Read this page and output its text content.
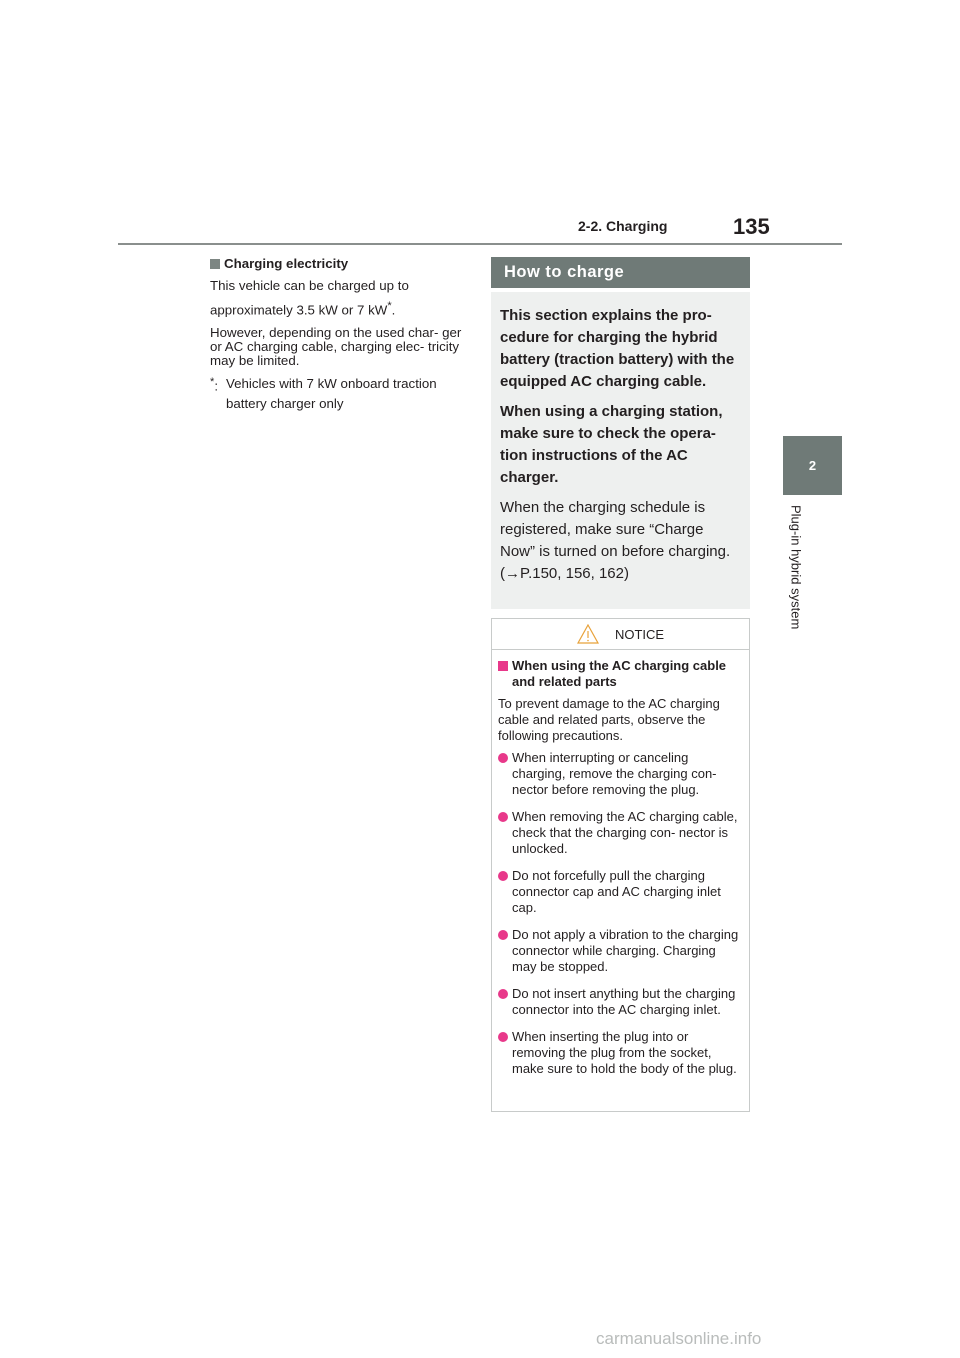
2-2. Charging	135
2
Plug-in hybrid system
Charging electricity

This vehicle can be charged up to approximately 3.5 kW or 7 kW*.

However, depending on the used char- ger or AC charging cable, charging elec- tricity may be limited.

*: Vehicles with 7 kW onboard traction battery charger only
How to charge

This section explains the pro- cedure for charging the hybrid battery (traction battery) with the equipped AC charging cable.

When using a charging station, make sure to check the opera- tion instructions of the AC charger.

When the charging schedule is registered, make sure “Charge Now” is turned on before charging. (→P.150, 156, 162)

NOTICE
When using the AC charging cable and related parts

To prevent damage to the AC charging cable and related parts, observe the following precautions.

When interrupting or canceling charging, remove the charging con- nector before removing the plug.
When removing the AC charging cable, check that the charging con- nector is unlocked.
Do not forcefully pull the charging connector cap and AC charging inlet cap.
Do not apply a vibration to the charging connector while charging. Charging may be stopped.
Do not insert anything but the charging connector into the AC charging inlet.
When inserting the plug into or removing the plug from the socket, make sure to hold the body of the plug.
carmanualsonline.info
